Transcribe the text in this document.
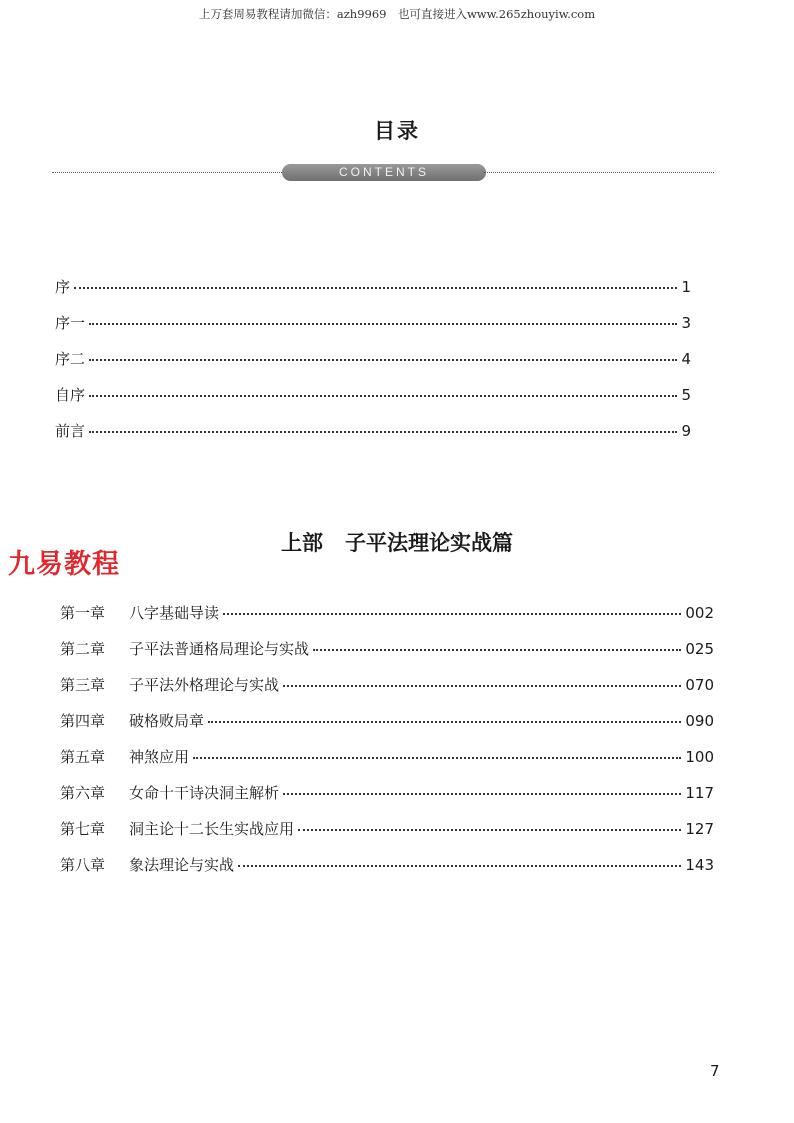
上万套周易教程请加微信：azh9969　也可直接进入www.265zhouyiw.com
目录
CONTENTS
序	1
序一	3
序二	4
自序	5
前言	9
上部 子平法理论实战篇
九易教程
第一章	八字基础导读	002
第二章	子平法普通格局理论与实战	025
第三章	子平法外格理论与实战	070
第四章	破格败局章	090
第五章	神煞应用	100
第六章	女命十干诗决洞主解析	117
第七章	洞主论十二长生实战应用	127
第八章	象法理论与实战	143
7
